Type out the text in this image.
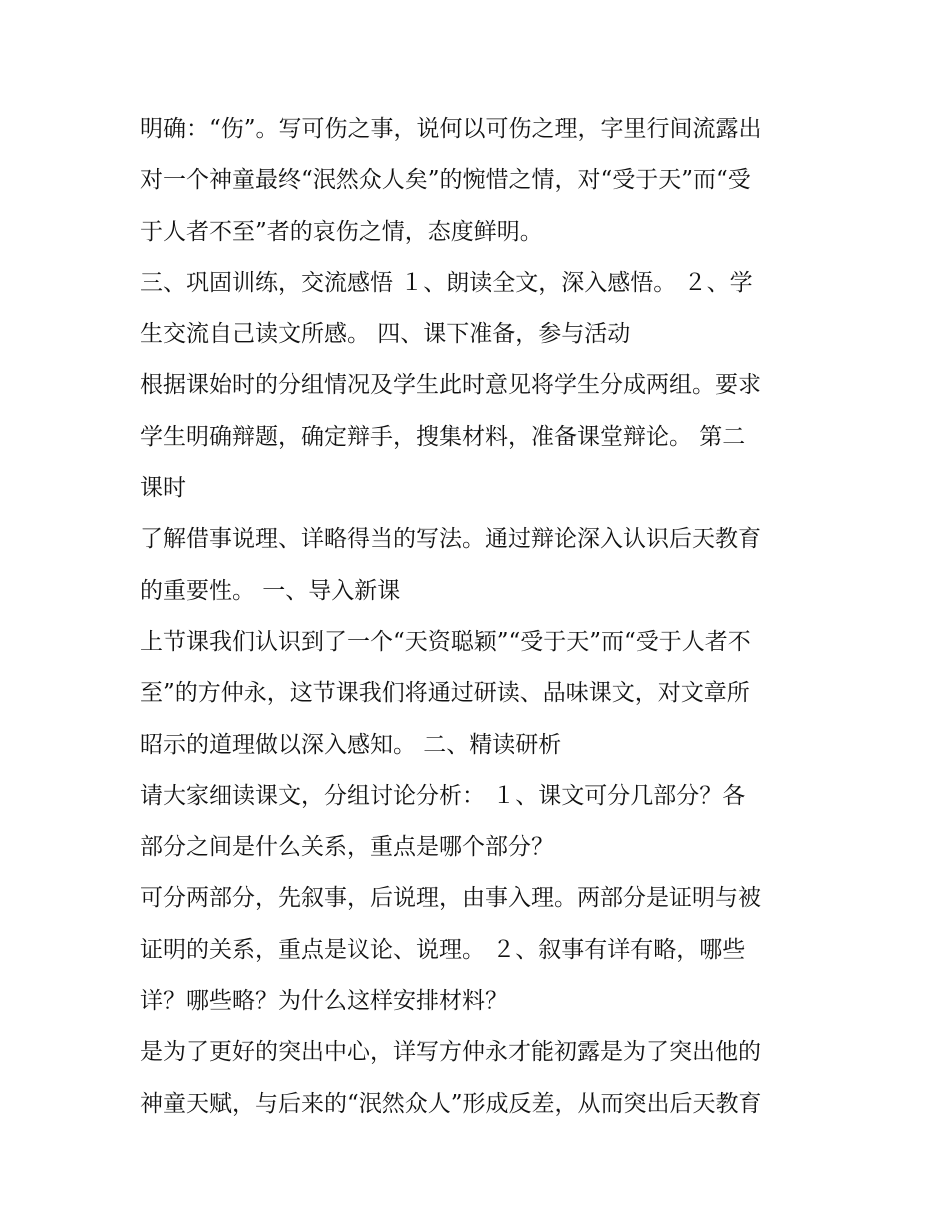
明确：“伤”。写可伤之事，说何以可伤之理，字里行间流露出
对一个神童最终“泯然众人矣”的惋惜之情，对“受于天”而“受
于人者不至”者的哀伤之情，态度鲜明。
三、巩固训练，交流感悟 １、朗读全文，深入感悟。 ２、学
生交流自己读文所感。 四、课下准备，参与活动
根据课始时的分组情况及学生此时意见将学生分成两组。要求
学生明确辩题，确定辩手，搜集材料，准备课堂辩论。 第二
课时
了解借事说理、详略得当的写法。通过辩论深入认识后天教育
的重要性。 一、导入新课
上节课我们认识到了一个“天资聪颖”“受于天”而“受于人者不
至”的方仲永，这节课我们将通过研读、品味课文，对文章所
昭示的道理做以深入感知。 二、精读研析
请大家细读课文，分组讨论分析： １、课文可分几部分？各
部分之间是什么关系，重点是哪个部分？
可分两部分，先叙事，后说理，由事入理。两部分是证明与被
证明的关系，重点是议论、说理。 ２、叙事有详有略，哪些
详？哪些略？为什么这样安排材料？
是为了更好的突出中心，详写方仲永才能初露是为了突出他的
神童天赋，与后来的“泯然众人”形成反差，从而突出后天教育
